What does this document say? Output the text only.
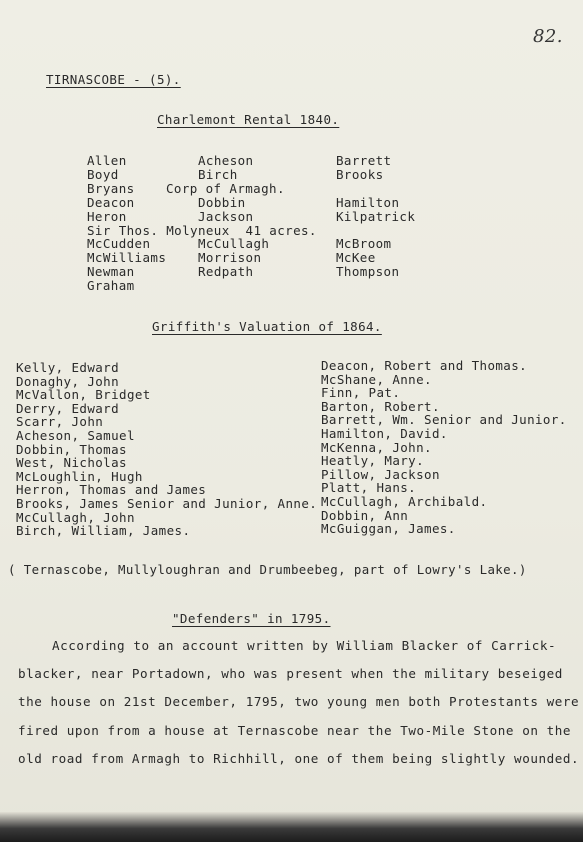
82.
TIRNASCOBE - (5).
Charlemont Rental 1840.
Allen	Acheson	Barrett
Boyd	Birch	Brooks
Bryans	Corp of Armagh.
Deacon	Dobbin	Hamilton
Heron	Jackson	Kilpatrick
Sir Thos. Molyneux  41 acres.
McCudden	McCullagh	McBroom
McWilliams	Morrison	McKee
Newman	Redpath	Thompson
Graham
Griffith's Valuation of 1864.
Kelly, Edward
Donaghy, John
McVallon, Bridget
Derry, Edward
Scarr, John
Acheson, Samuel
Dobbin, Thomas
West, Nicholas
McLoughlin, Hugh
Herron, Thomas and James
Brooks, James Senior and Junior, Anne.
McCullagh, John
Birch, William, James.
Deacon, Robert and Thomas.
McShane, Anne.
Finn, Pat.
Barton, Robert.
Barrett, Wm. Senior and Junior.
Hamilton, David.
McKenna, John.
Heatly, Mary.
Pillow, Jackson
Platt, Hans.
McCullagh, Archibald.
Dobbin, Ann
McGuiggan, James.
( Ternascobe, Mullyloughran and Drumbeebeg, part of Lowry's Lake.)
"Defenders" in 1795.
According to an account written by William Blacker of Carrick-
blacker, near Portadown, who was present when the military beseiged
the house on 21st December, 1795, two young men both Protestants were
fired upon from a house at Ternascobe near the Two-Mile Stone on the
old road from Armagh to Richhill, one of them being slightly wounded.
